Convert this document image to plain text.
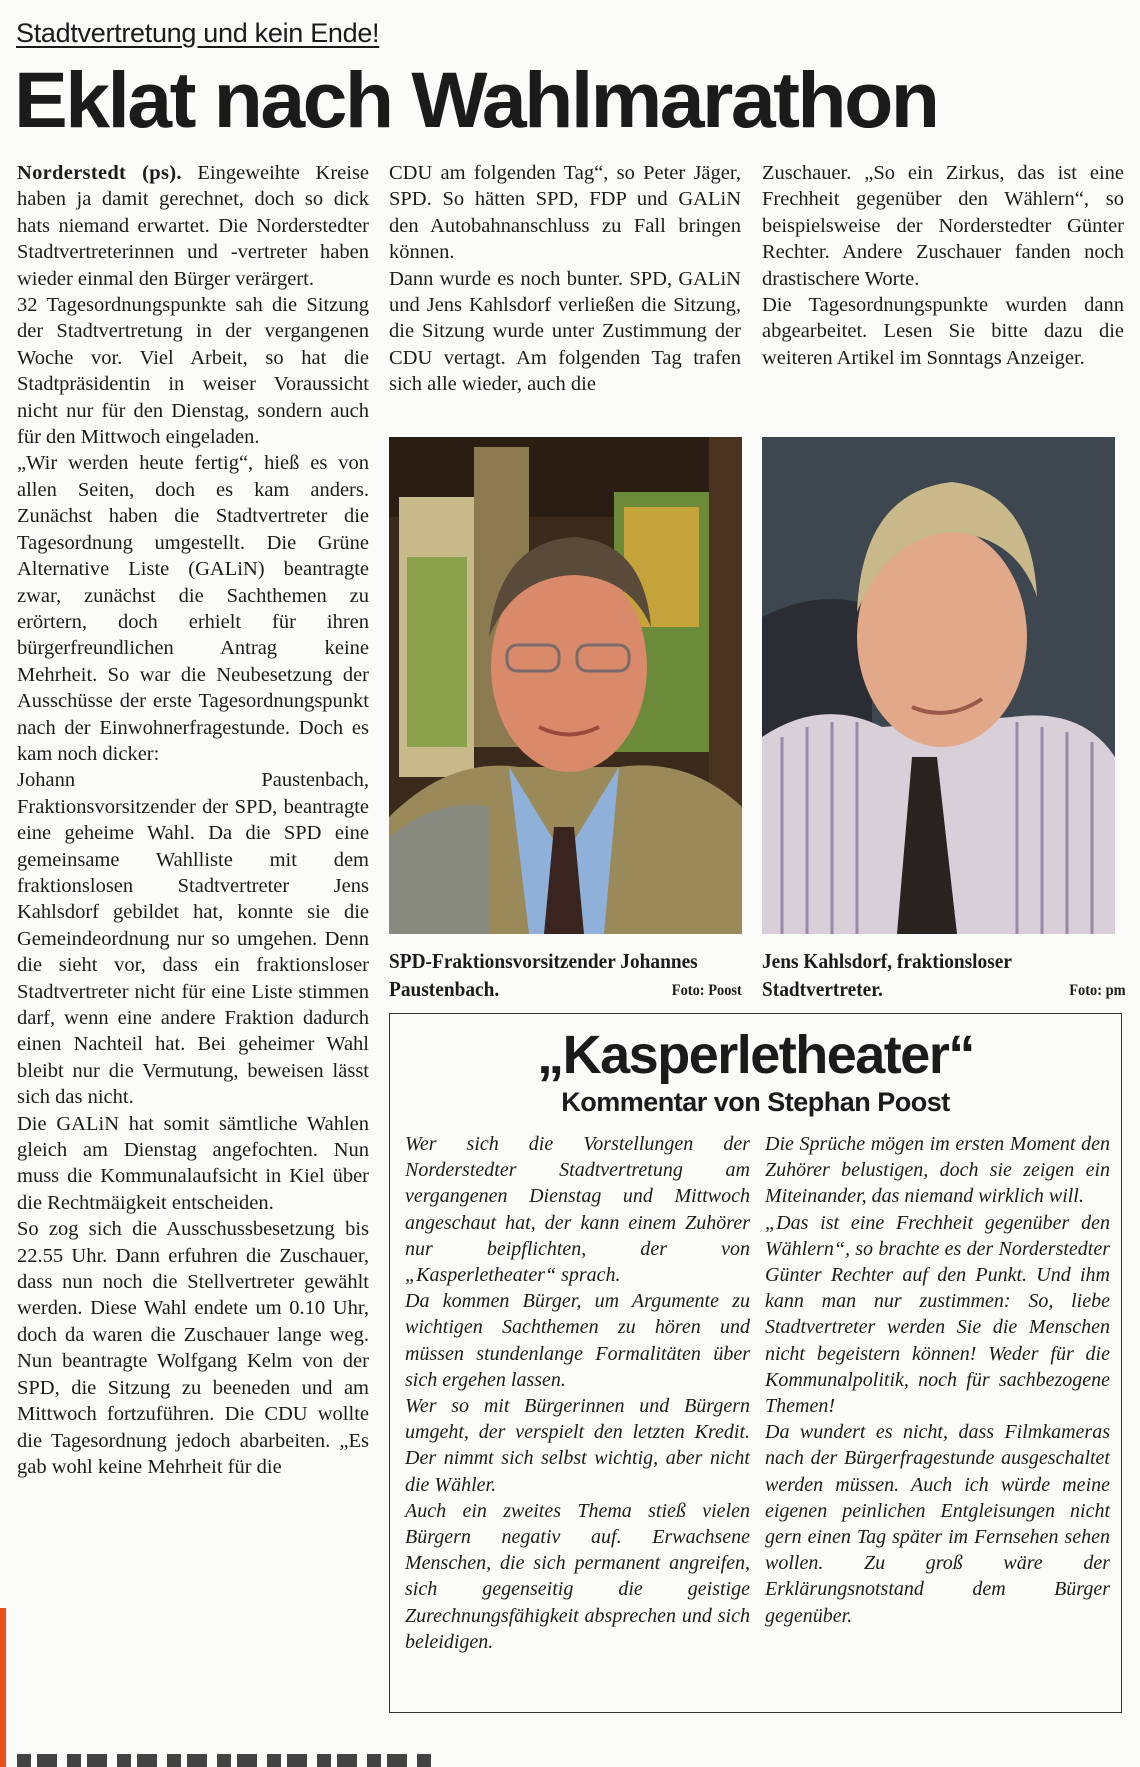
Stadtvertretung und kein Ende!
Eklat nach Wahlmarathon

Norderstedt (ps). Eingeweihte Kreise haben ja damit gerechnet, doch so dick hats niemand erwartet. Die Norderstedter Stadtvertreterinnen und -vertreter haben wieder einmal den Bürger verärgert.

32 Tagesordnungspunkte sah die Sitzung der Stadtvertretung in der vergangenen Woche vor. Viel Arbeit, so hat die Stadtpräsidentin in weiser Voraussicht nicht nur für den Dienstag, sondern auch für den Mittwoch eingeladen.

„Wir werden heute fertig“, hieß es von allen Seiten, doch es kam anders. Zunächst haben die Stadtvertreter die Tagesordnung umgestellt. Die Grüne Alternative Liste (GALiN) beantragte zwar, zunächst die Sachthemen zu erörtern, doch erhielt für ihren bürgerfreundlichen Antrag keine Mehrheit. So war die Neubesetzung der Ausschüsse der erste Tagesordnungspunkt nach der Einwohnerfragestunde. Doch es kam noch dicker:

Johann Paustenbach, Fraktionsvorsitzender der SPD, beantragte eine geheime Wahl. Da die SPD eine gemeinsame Wahlliste mit dem fraktionslosen Stadtvertreter Jens Kahlsdorf gebildet hat, konnte sie die Gemeindeordnung nur so umgehen. Denn die sieht vor, dass ein fraktionsloser Stadtvertreter nicht für eine Liste stimmen darf, wenn eine andere Fraktion dadurch einen Nachteil hat. Bei geheimer Wahl bleibt nur die Vermutung, beweisen lässt sich das nicht.

Die GALiN hat somit sämtliche Wahlen gleich am Dienstag angefochten. Nun muss die Kommunalaufsicht in Kiel über die Rechtmäigkeit entscheiden.

So zog sich die Ausschussbesetzung bis 22.55 Uhr. Dann erfuhren die Zuschauer, dass nun noch die Stellvertreter gewählt werden. Diese Wahl endete um 0.10 Uhr, doch da waren die Zuschauer lange weg. Nun beantragte Wolfgang Kelm von der SPD, die Sitzung zu beeneden und am Mittwoch fortzuführen. Die CDU wollte die Tagesordnung jedoch abarbeiten. „Es gab wohl keine Mehrheit für die

CDU am folgenden Tag“, so Peter Jäger, SPD. So hätten SPD, FDP und GALiN den Autobahnanschluss zu Fall bringen können.

Dann wurde es noch bunter. SPD, GALiN und Jens Kahlsdorf verließen die Sitzung, die Sitzung wurde unter Zustimmung der CDU vertagt. Am folgenden Tag trafen sich alle wieder, auch die

Zuschauer. „So ein Zirkus, das ist eine Frechheit gegenüber den Wählern“, so beispielsweise der Norderstedter Günter Rechter. Andere Zuschauer fanden noch drastischere Worte.

Die Tagesordnungspunkte wurden dann abgearbeitet. Lesen Sie bitte dazu die weiteren Artikel im Sonntags Anzeiger.

SPD-Fraktionsvorsitzender Johannes Paustenbach.	Foto: Poost
Jens Kahlsdorf, fraktionsloser Stadtvertreter.	Foto: pm
„Kasperletheater“
Kommentar von Stephan Poost

Wer sich die Vorstellungen der Norderstedter Stadtvertretung am vergangenen Dienstag und Mittwoch angeschaut hat, der kann einem Zuhörer nur beipflichten, der von „Kasperletheater“ sprach.

Da kommen Bürger, um Argumente zu wichtigen Sachthemen zu hören und müssen stundenlange Formalitäten über sich ergehen lassen.

Wer so mit Bürgerinnen und Bürgern umgeht, der verspielt den letzten Kredit. Der nimmt sich selbst wichtig, aber nicht die Wähler.

Auch ein zweites Thema stieß vielen Bürgern negativ auf. Erwachsene Menschen, die sich permanent angreifen, sich gegenseitig die geistige Zurechnungsfähigkeit absprechen und sich beleidigen.

Die Sprüche mögen im ersten Moment den Zuhörer belustigen, doch sie zeigen ein Miteinander, das niemand wirklich will.

„Das ist eine Frechheit gegenüber den Wählern“, so brachte es der Norderstedter Günter Rechter auf den Punkt. Und ihm kann man nur zustimmen: So, liebe Stadtvertreter werden Sie die Menschen nicht begeistern können! Weder für die Kommunalpolitik, noch für sachbezogene Themen!

Da wundert es nicht, dass Filmkameras nach der Bürgerfragestunde ausgeschaltet werden müssen. Auch ich würde meine eigenen peinlichen Entgleisungen nicht gern einen Tag später im Fernsehen sehen wollen. Zu groß wäre der Erklärungsnotstand dem Bürger gegenüber.
